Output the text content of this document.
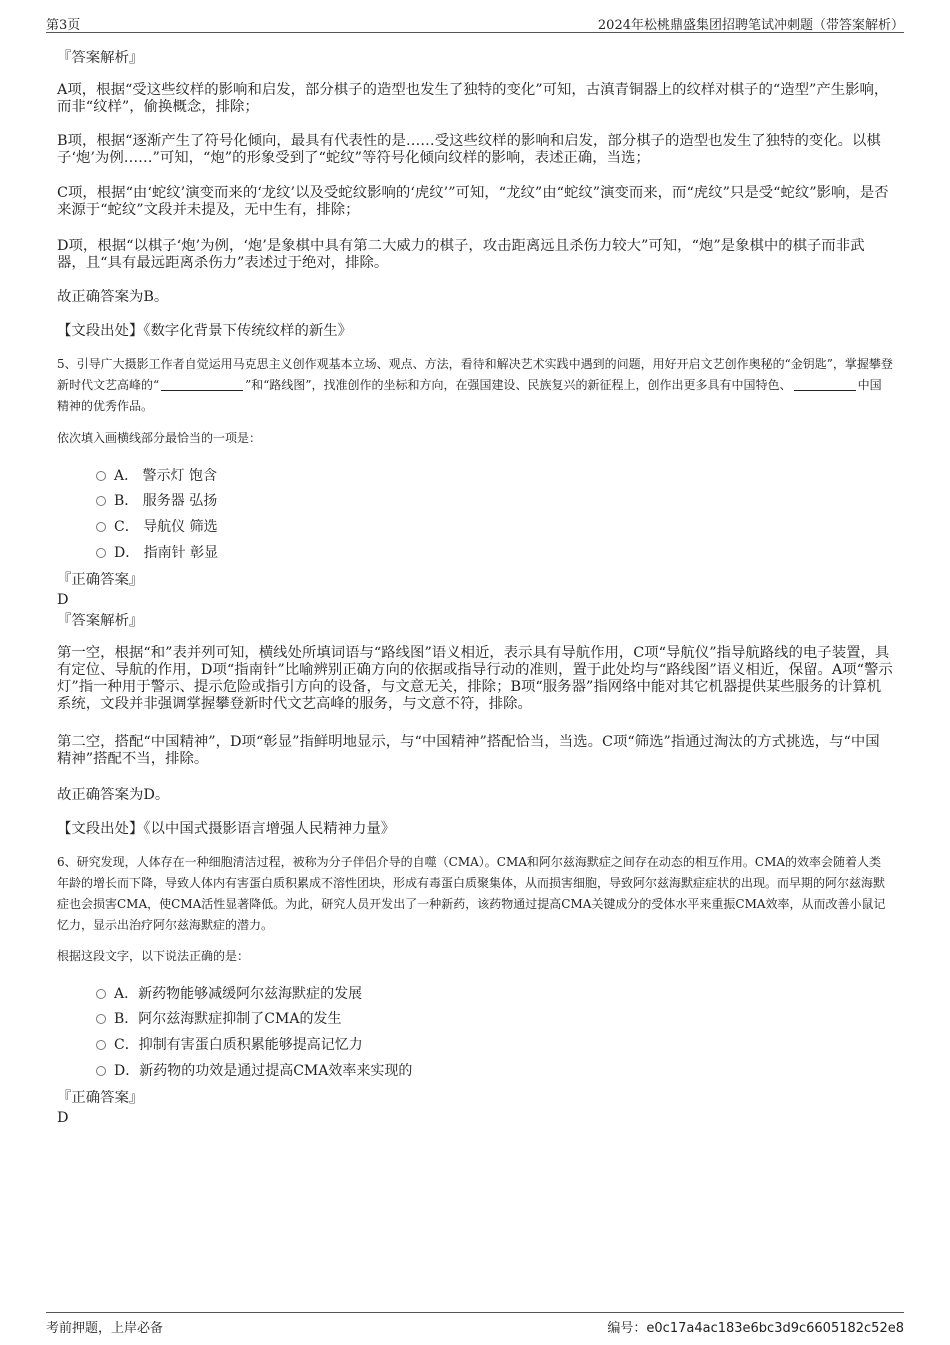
第3页	2024年松桃鼎盛集团招聘笔试冲刺题（带答案解析）
『答案解析』
A项，根据“受这些纹样的影响和启发，部分棋子的造型也发生了独特的变化”可知，古滇青铜器上的纹样对棋子的“造型”产生影响，而非“纹样”，偷换概念，排除；
B项，根据“逐渐产生了符号化倾向，最具有代表性的是……受这些纹样的影响和启发，部分棋子的造型也发生了独特的变化。以棋子‘炮’为例……”可知，“炮”的形象受到了“蛇纹”等符号化倾向纹样的影响，表述正确，当选；
C项，根据“由‘蛇纹’演变而来的‘龙纹’以及受蛇纹影响的‘虎纹’”可知，“龙纹”由“蛇纹”演变而来，而“虎纹”只是受“蛇纹”影响，是否来源于“蛇纹”文段并未提及，无中生有，排除；
D项，根据“以棋子‘炮’为例，‘炮’是象棋中具有第二大威力的棋子，攻击距离远且杀伤力较大”可知，“炮”是象棋中的棋子而非武器，且“具有最远距离杀伤力”表述过于绝对，排除。
故正确答案为B。
【文段出处】《数字化背景下传统纹样的新生》
5、引导广大摄影工作者自觉运用马克思主义创作观基本立场、观点、方法，看待和解决艺术实践中遇到的问题，用好开启文艺创作奥秘的“金钥匙”，掌握攀登新时代文艺高峰的“	”和“路线图”，找准创作的坐标和方向，在强国建设、民族复兴的新征程上，创作出更多具有中国特色、	中国精神的优秀作品。
依次填入画横线部分最恰当的一项是：
A． 警示灯 饱含
B． 服务器 弘扬
C． 导航仪 筛选
D． 指南针 彰显
『正确答案』
D
『答案解析』
第一空，根据“和”表并列可知，横线处所填词语与“路线图”语义相近，表示具有导航作用，C项“导航仪”指导航路线的电子装置，具有定位、导航的作用，D项“指南针”比喻辨别正确方向的依据或指导行动的准则，置于此处均与“路线图”语义相近，保留。A项“警示灯”指一种用于警示、提示危险或指引方向的设备，与文意无关，排除；B项“服务器”指网络中能对其它机器提供某些服务的计算机系统，文段并非强调掌握攀登新时代文艺高峰的服务，与文意不符，排除。
第二空，搭配“中国精神”，D项“彰显”指鲜明地显示，与“中国精神”搭配恰当，当选。C项“筛选”指通过淘汰的方式挑选，与“中国精神”搭配不当，排除。
故正确答案为D。
【文段出处】《以中国式摄影语言增强人民精神力量》
6、研究发现，人体存在一种细胞清洁过程，被称为分子伴侣介导的自噬（CMA）。CMA和阿尔兹海默症之间存在动态的相互作用。CMA的效率会随着人类年龄的增长而下降，导致人体内有害蛋白质积累成不溶性团块，形成有毒蛋白质聚集体，从而损害细胞，导致阿尔兹海默症症状的出现。而早期的阿尔兹海默症也会损害CMA，使CMA活性显著降低。为此，研究人员开发出了一种新药，该药物通过提高CMA关键成分的受体水平来重振CMA效率，从而改善小鼠记忆力，显示出治疗阿尔兹海默症的潜力。
根据这段文字，以下说法正确的是：
A．新药物能够减缓阿尔兹海默症的发展
B．阿尔兹海默症抑制了CMA的发生
C．抑制有害蛋白质积累能够提高记忆力
D．新药物的功效是通过提高CMA效率来实现的
『正确答案』
D
考前押题，上岸必备	编号：e0c17a4ac183e6bc3d9c6605182c52e8
